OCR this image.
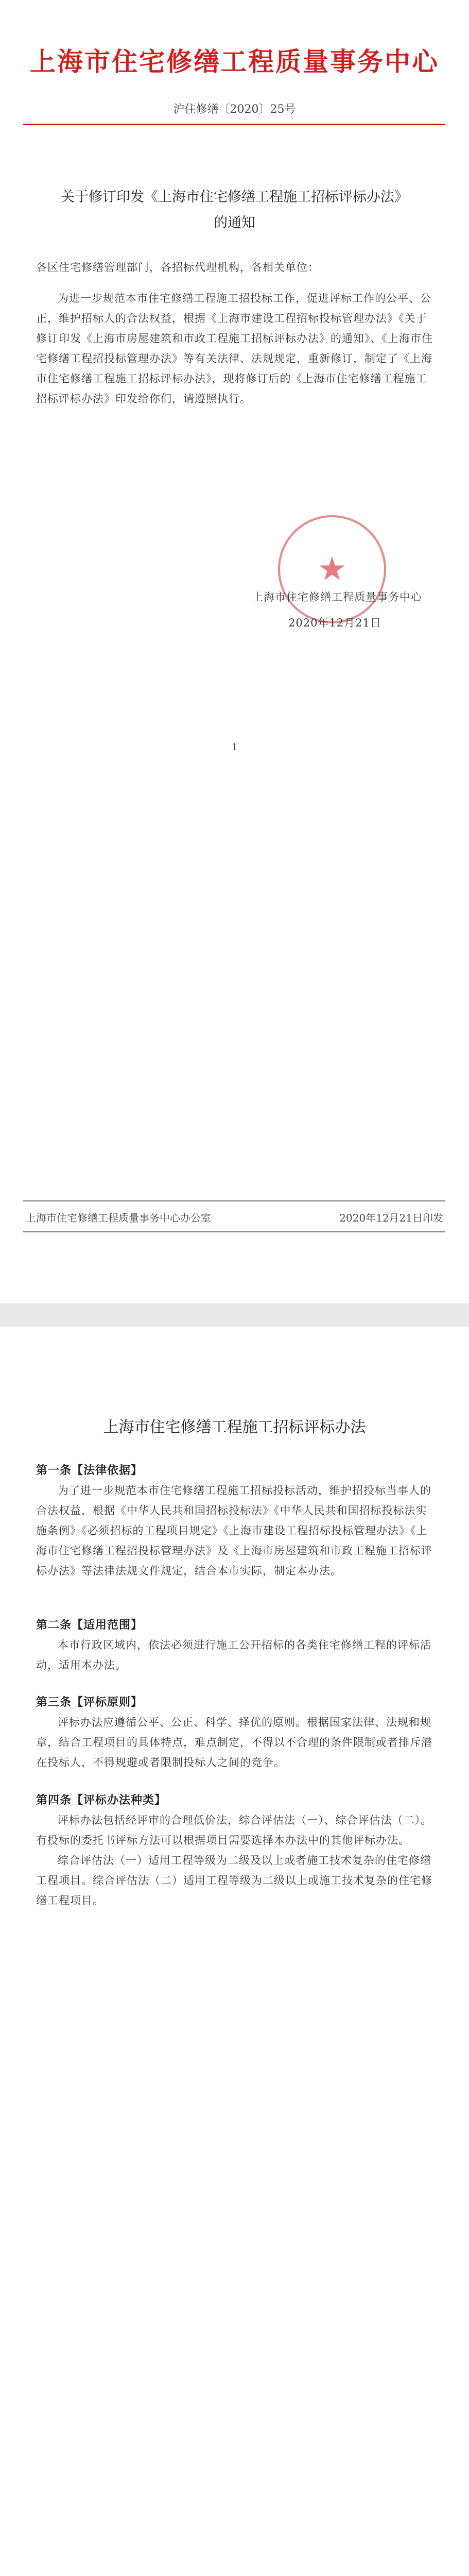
上海市住宅修缮工程质量事务中心
沪住修缮〔2020〕25号
关于修订印发《上海市住宅修缮工程施工招标评标办法》
的通知
各区住宅修缮管理部门，各招标代理机构，各相关单位：
为进一步规范本市住宅修缮工程施工招投标工作，促进评标工作的公平、公正，维护招标人的合法权益，根据《上海市建设工程招标投标管理办法》《关于修订印发《上海市房屋建筑和市政工程施工招标评标办法》的通知》、《上海市住宅修缮工程招投标管理办法》等有关法律、法规规定，重新修订，制定了《上海市住宅修缮工程施工招标评标办法》，现将修订后的《上海市住宅修缮工程施工招标评标办法》印发给你们，请遵照执行。
★
上海市住宅修缮工程质量事务中心
2020年12月21日
1
上海市住宅修缮工程质量事务中心办公室	2020年12月21日印发
上海市住宅修缮工程施工招标评标办法

第一条【法律依据】

为了进一步规范本市住宅修缮工程施工招标投标活动，维护招投标当事人的合法权益，根据《中华人民共和国招标投标法》《中华人民共和国招标投标法实施条例》《必须招标的工程项目规定》《上海市建设工程招标投标管理办法》《上海市住宅修缮工程招投标管理办法》及《上海市房屋建筑和市政工程施工招标评标办法》等法律法规文件规定，结合本市实际，制定本办法。

第二条【适用范围】

本市行政区域内，依法必须进行施工公开招标的各类住宅修缮工程的评标活动，适用本办法。

第三条【评标原则】

评标办法应遵循公平、公正、科学、择优的原则。根据国家法律、法规和规章，结合工程项目的具体特点，难点制定，不得以不合理的条件限制或者排斥潜在投标人，不得规避或者限制投标人之间的竞争。

第四条【评标办法种类】

评标办法包括经评审的合理低价法，综合评估法（一）、综合评估法（二）。有投标的委托书评标方法可以根据项目需要选择本办法中的其他评标办法。

综合评估法（一）适用工程等级为二级及以上或者施工技术复杂的住宅修缮工程项目。综合评估法（二）适用工程等级为二级以上或施工技术复杂的住宅修缮工程项目。
